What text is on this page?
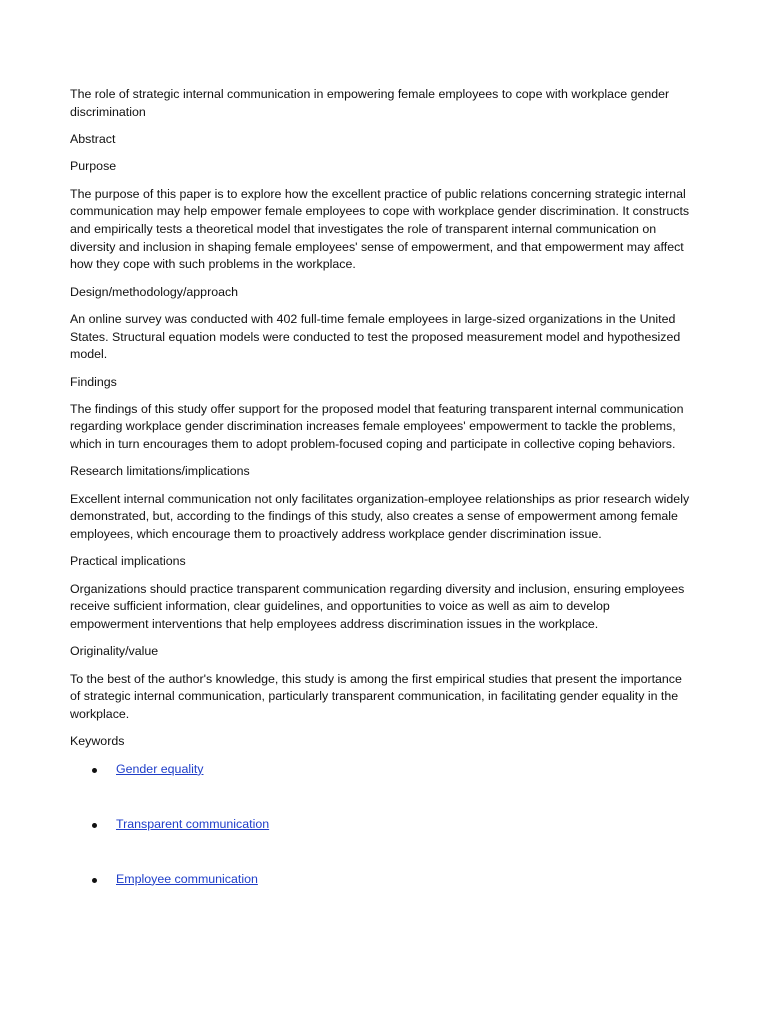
The role of strategic internal communication in empowering female employees to cope with workplace gender discrimination

Abstract

Purpose

The purpose of this paper is to explore how the excellent practice of public relations concerning strategic internal communication may help empower female employees to cope with workplace gender discrimination. It constructs and empirically tests a theoretical model that investigates the role of transparent internal communication on diversity and inclusion in shaping female employees' sense of empowerment, and that empowerment may affect how they cope with such problems in the workplace.

Design/methodology/approach

An online survey was conducted with 402 full-time female employees in large-sized organizations in the United States. Structural equation models were conducted to test the proposed measurement model and hypothesized model.

Findings

The findings of this study offer support for the proposed model that featuring transparent internal communication regarding workplace gender discrimination increases female employees' empowerment to tackle the problems, which in turn encourages them to adopt problem-focused coping and participate in collective coping behaviors.

Research limitations/implications

Excellent internal communication not only facilitates organization-employee relationships as prior research widely demonstrated, but, according to the findings of this study, also creates a sense of empowerment among female employees, which encourage them to proactively address workplace gender discrimination issue.

Practical implications

Organizations should practice transparent communication regarding diversity and inclusion, ensuring employees receive sufficient information, clear guidelines, and opportunities to voice as well as aim to develop empowerment interventions that help employees address discrimination issues in the workplace.

Originality/value

To the best of the author's knowledge, this study is among the first empirical studies that present the importance of strategic internal communication, particularly transparent communication, in facilitating gender equality in the workplace.

Keywords

Gender equality
Transparent communication
Employee communication
